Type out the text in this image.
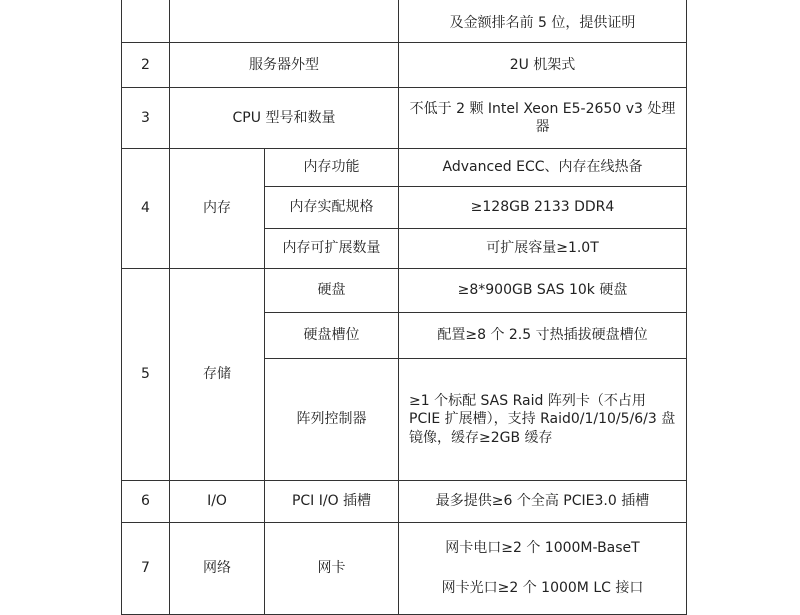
			及金额排名前 5 位，提供证明
2	服务器外型		2U 机架式
3	CPU 型号和数量		不低于 2 颗 Intel Xeon E5-2650 v3 处理器
4	内存	内存功能	Advanced ECC、内存在线热备
		内存实配规格	≥128GB 2133 DDR4
		内存可扩展数量	可扩展容量≥1.0T
5	存储	硬盘	≥8*900GB SAS 10k 硬盘
		硬盘槽位	配置≥8 个 2.5 寸热插拔硬盘槽位
		阵列控制器	≥1 个标配 SAS Raid 阵列卡（不占用 PCIE 扩展槽），支持 Raid0/1/10/5/6/3 盘镜像，缓存≥2GB 缓存
6	I/O	PCI I/O 插槽	最多提供≥6 个全高 PCIE3.0 插槽
7	网络	网卡	网卡电口≥2 个 1000M-BaseT
网卡光口≥2 个 1000M LC 接口
